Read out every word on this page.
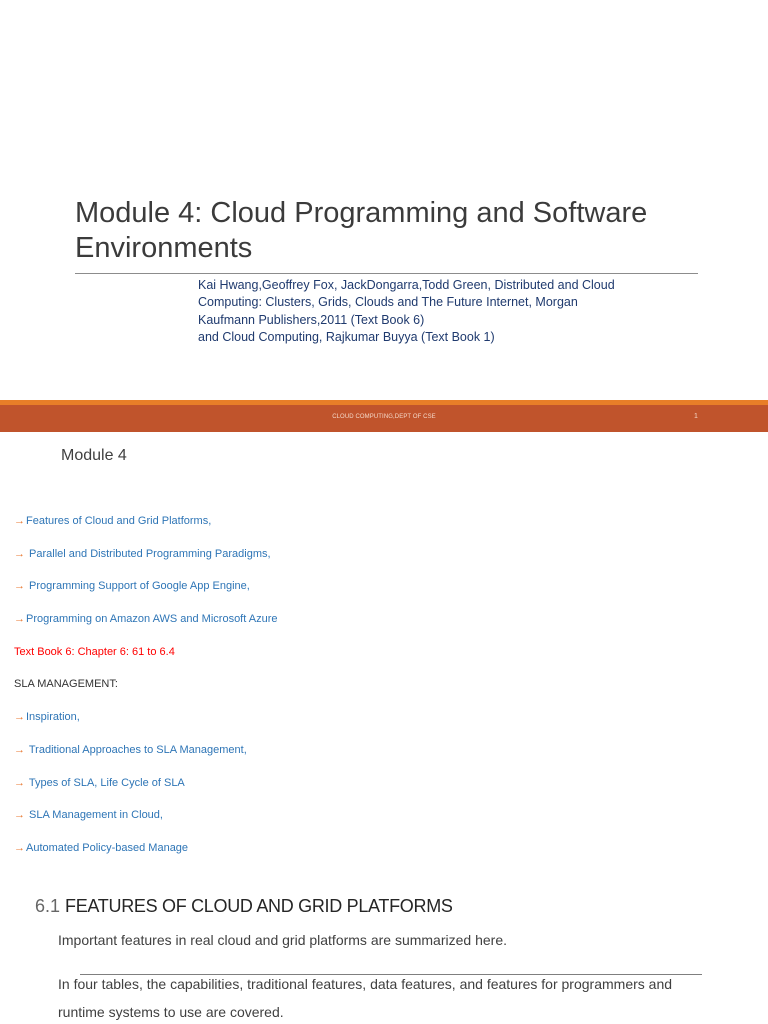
Module 4: Cloud Programming and Software Environments
Kai Hwang,Geoffrey Fox, JackDongarra,Todd Green, Distributed and Cloud
Computing: Clusters, Grids, Clouds and The Future Internet, Morgan
Kaufmann Publishers,2011 (Text Book 6)
and Cloud Computing, Rajkumar Buyya (Text Book 1)
CLOUD COMPUTING,DEPT OF CSE	1
Module 4
→Features of Cloud and Grid Platforms,
→ Parallel and Distributed Programming Paradigms,
→ Programming Support of Google App Engine,
→Programming on Amazon AWS and Microsoft Azure
Text Book 6: Chapter 6: 61 to 6.4
SLA MANAGEMENT:
→Inspiration,
→ Traditional Approaches to SLA Management,
→ Types of SLA, Life Cycle of SLA
→ SLA Management in Cloud,
→Automated Policy-based Manage
6.1 FEATURES OF CLOUD AND GRID PLATFORMS
Important features in real cloud and grid platforms are summarized here.
In four tables, the capabilities, traditional features, data features, and features for programmers and runtime systems to use are covered.
